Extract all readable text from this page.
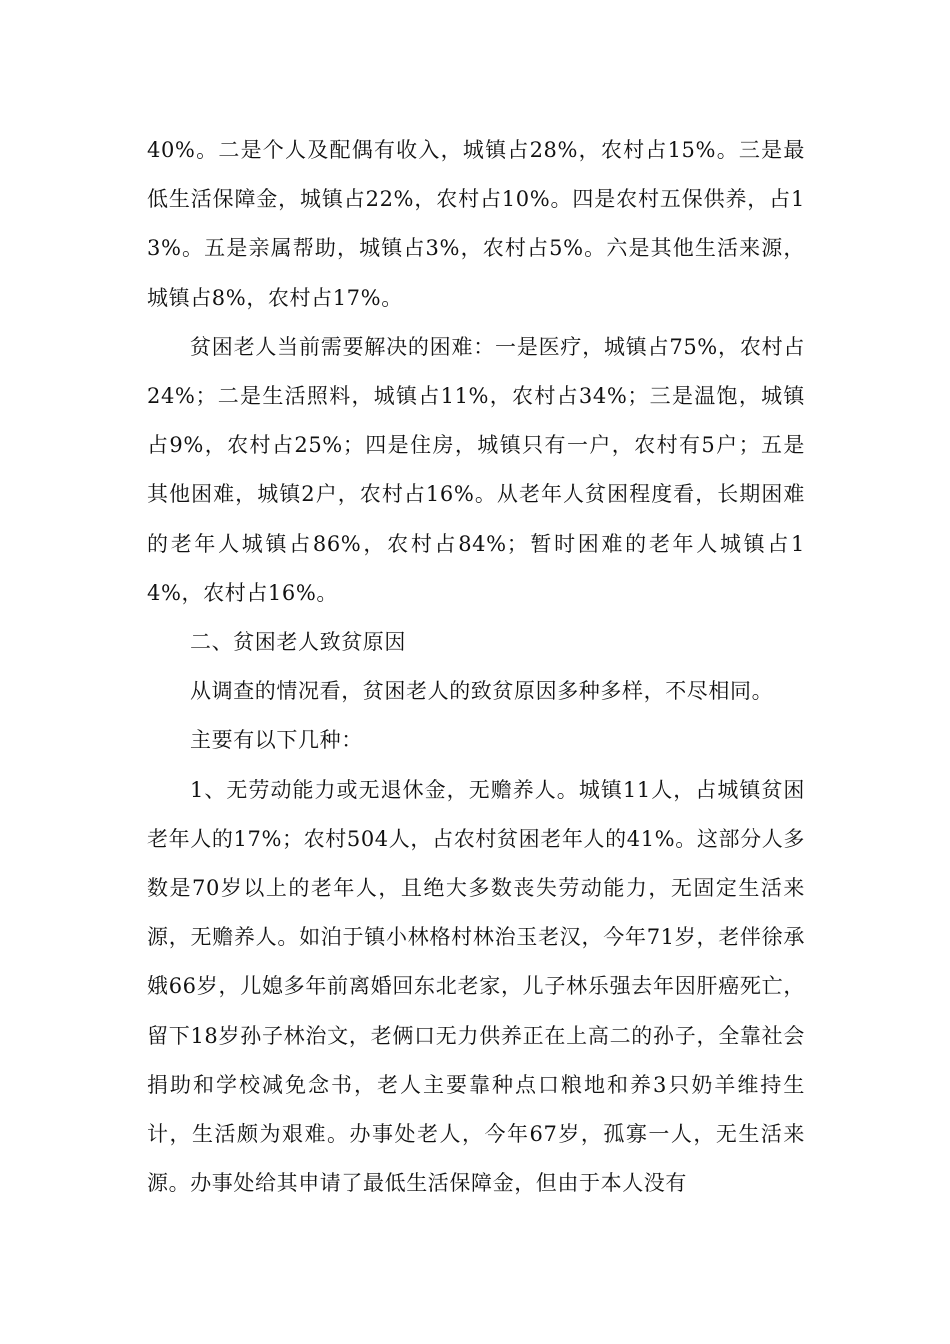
40%。二是个人及配偶有收入，城镇占28%，农村占15%。三是最低生活保障金，城镇占22%，农村占10%。四是农村五保供养，占13%。五是亲属帮助，城镇占3%，农村占5%。六是其他生活来源，城镇占8%，农村占17%。

贫困老人当前需要解决的困难：一是医疗，城镇占75%，农村占24%；二是生活照料，城镇占11%，农村占34%；三是温饱，城镇占9%，农村占25%；四是住房，城镇只有一户，农村有5户；五是其他困难，城镇2户，农村占16%。从老年人贫困程度看，长期困难的老年人城镇占86%，农村占84%；暂时困难的老年人城镇占14%，农村占16%。

二、贫困老人致贫原因

从调查的情况看，贫困老人的致贫原因多种多样，不尽相同。

主要有以下几种：

1、无劳动能力或无退休金，无赡养人。城镇11人，占城镇贫困老年人的17%；农村504人，占农村贫困老年人的41%。这部分人多数是70岁以上的老年人，且绝大多数丧失劳动能力，无固定生活来源，无赡养人。如泊于镇小林格村林治玉老汉，今年71岁，老伴徐承娥66岁，儿媳多年前离婚回东北老家，儿子林乐强去年因肝癌死亡，留下18岁孙子林治文，老俩口无力供养正在上高二的孙子，全靠社会捐助和学校减免念书，老人主要靠种点口粮地和养3只奶羊维持生计，生活颇为艰难。办事处老人，今年67岁，孤寡一人，无生活来源。办事处给其申请了最低生活保障金，但由于本人没有
